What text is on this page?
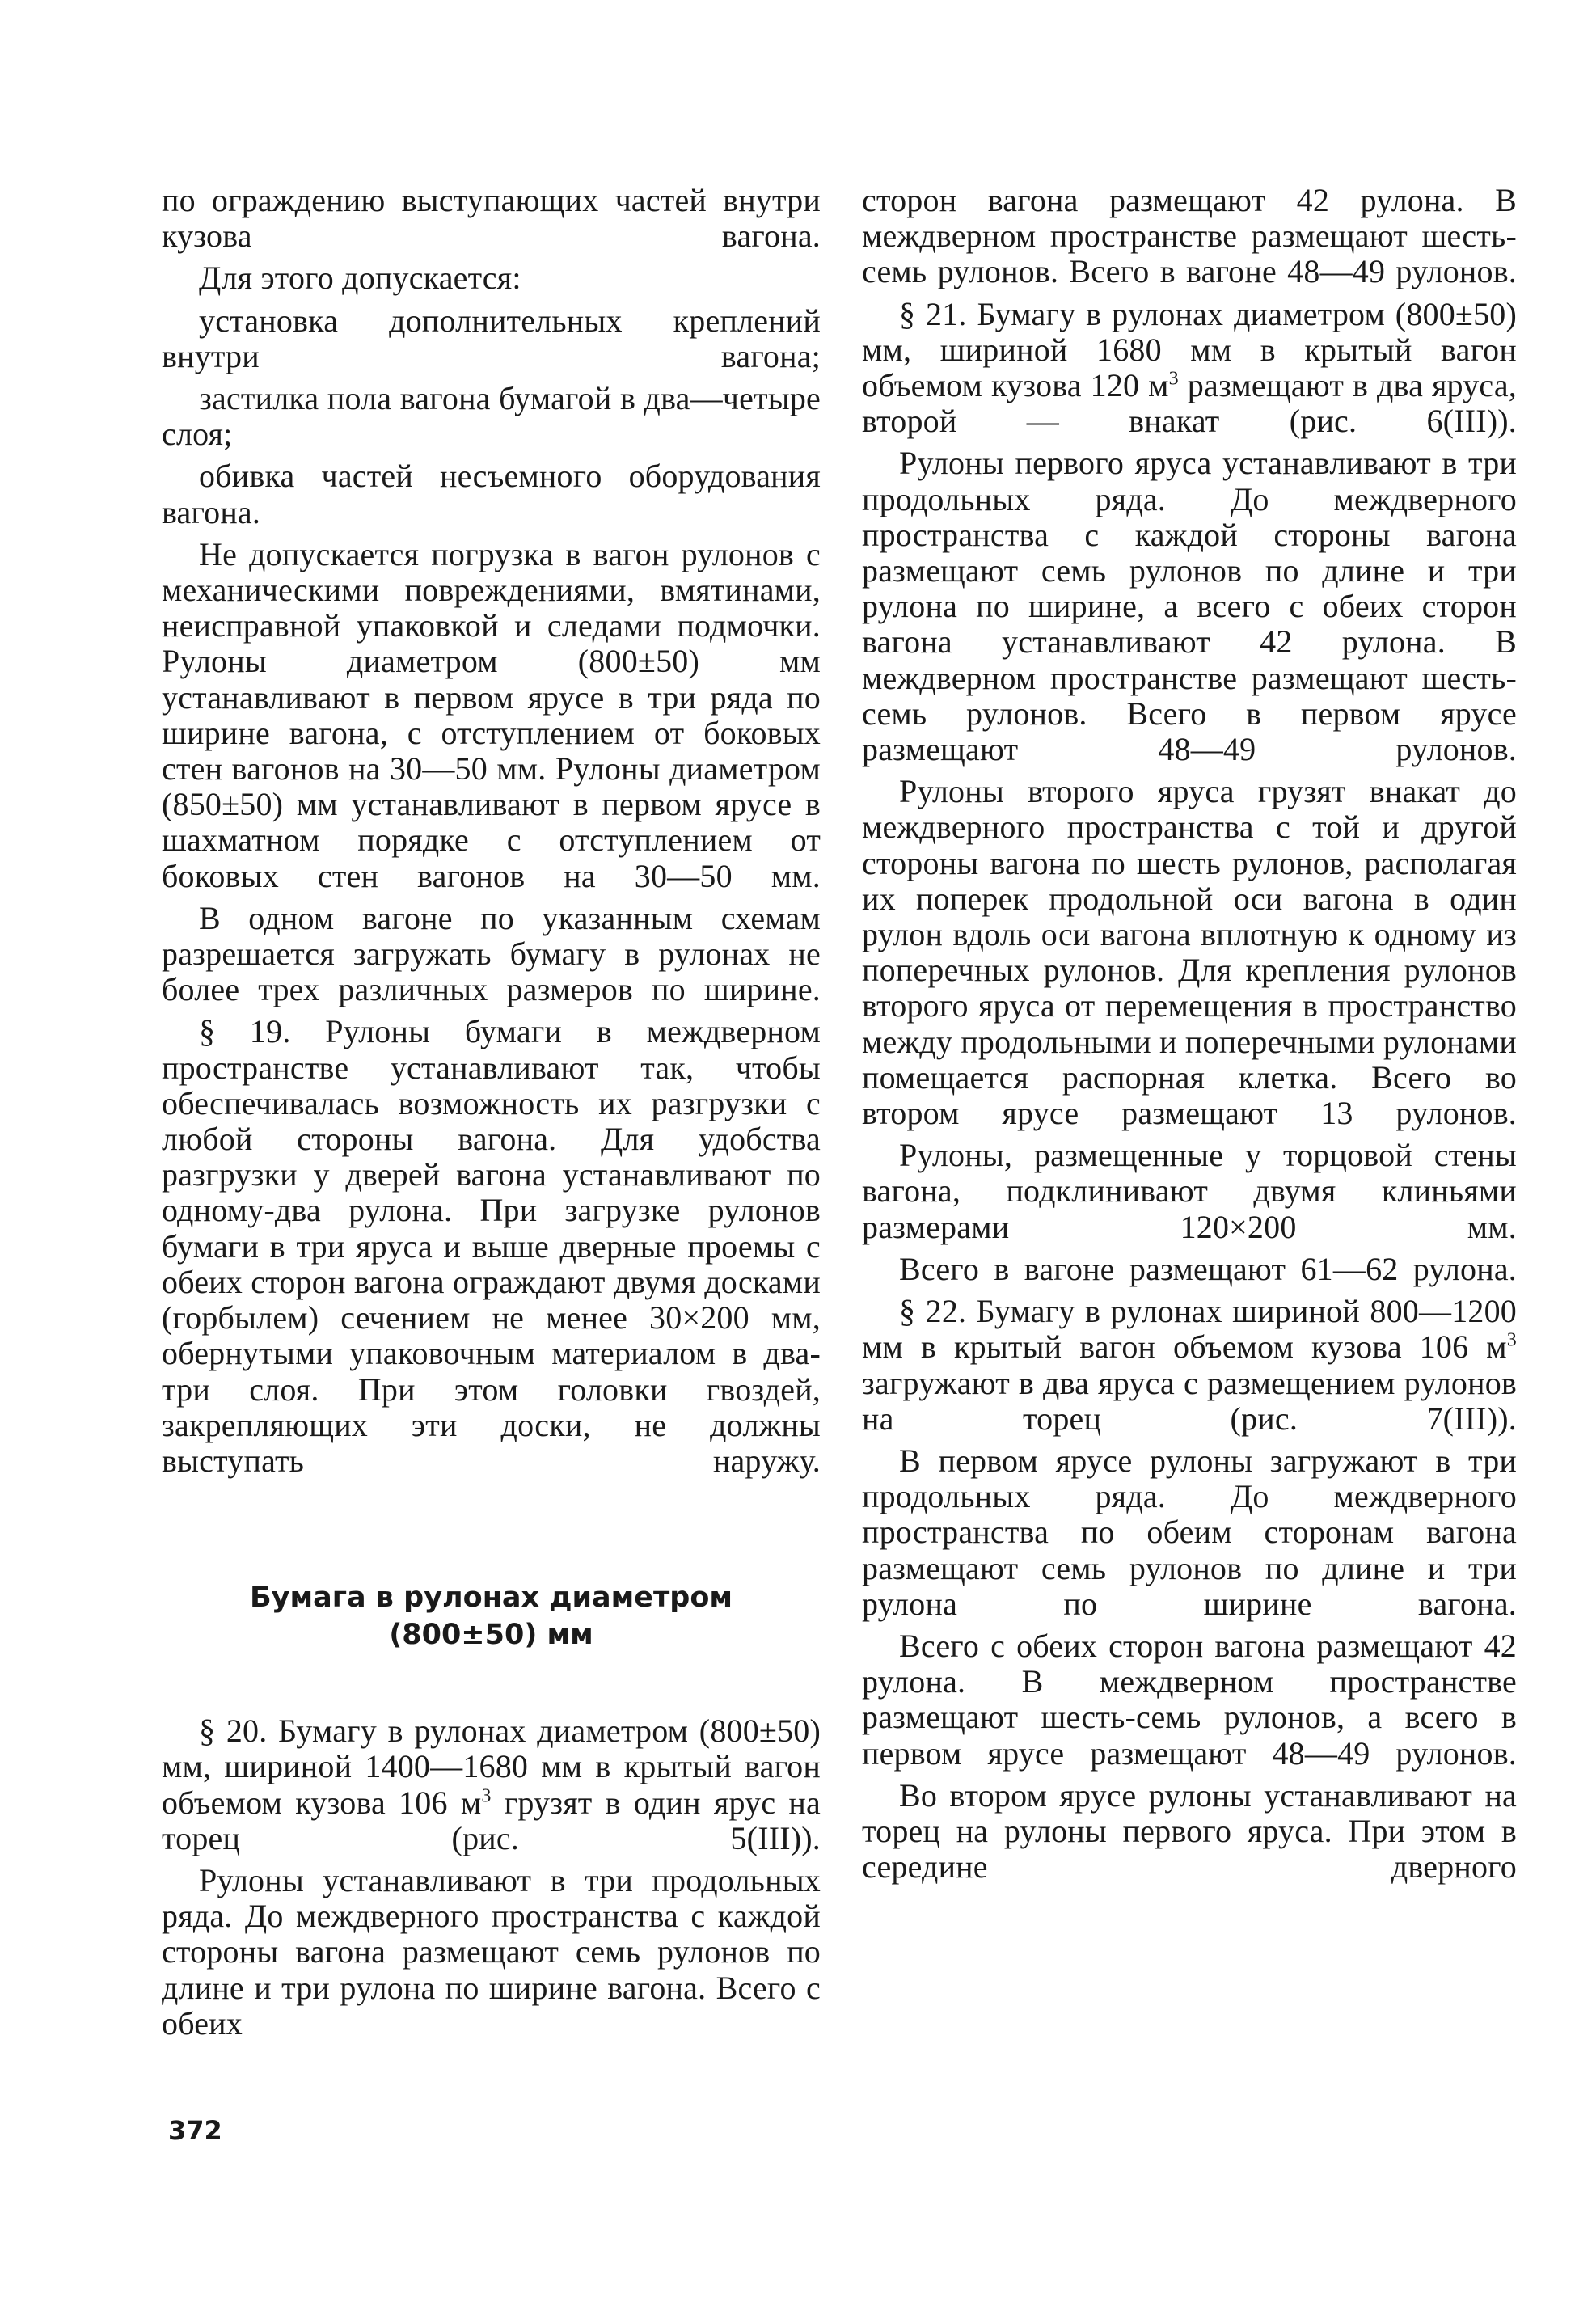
по ограждению выступающих частей внутри кузова вагона.

Для этого допускается:

установка дополнительных креплений внутри вагона;

застилка пола вагона бумагой в два—четыре слоя;

обивка частей несъемного оборудования вагона.

Не допускается погрузка в вагон рулонов с механическими повреждениями, вмятинами, неисправной упаковкой и следами подмочки. Рулоны диаметром (800±50) мм устанавливают в первом ярусе в три ряда по ширине вагона, с отступлением от боковых стен вагонов на 30—50 мм. Рулоны диаметром (850±50) мм устанавливают в первом ярусе в шахматном порядке с отступлением от боковых стен вагонов на 30—50 мм.

В одном вагоне по указанным схемам разрешается загружать бумагу в рулонах не более трех различных размеров по ширине.

§ 19. Рулоны бумаги в междверном пространстве устанавливают так, чтобы обеспечивалась возможность их разгрузки с любой стороны вагона. Для удобства разгрузки у дверей вагона устанавливают по одному-два рулона. При загрузке рулонов бумаги в три яруса и выше дверные проемы с обеих сторон вагона ограждают двумя досками (горбылем) сечением не менее 30×200 мм, обернутыми упаковочным материалом в два-три слоя. При этом головки гвоздей, закрепляющих эти доски, не должны выступать наружу.

Бумага в рулонах диаметром
(800±50) мм

§ 20. Бумагу в рулонах диаметром (800±50) мм, шириной 1400—1680 мм в крытый вагон объемом кузова 106 $м^3$ грузят в один ярус на торец (рис. 5(III)).

Рулоны устанавливают в три продольных ряда. До междверного пространства с каждой стороны вагона размещают семь рулонов по длине и три рулона по ширине вагона. Всего с обеих

сторон вагона размещают 42 рулона. В междверном пространстве размещают шесть-семь рулонов. Всего в вагоне 48—49 рулонов.

§ 21. Бумагу в рулонах диаметром (800±50) мм, шириной 1680 мм в крытый вагон объемом кузова 120 $м^3$ размещают в два яруса, второй — внакат (рис. 6(III)).

Рулоны первого яруса устанавливают в три продольных ряда. До междверного пространства с каждой стороны вагона размещают семь рулонов по длине и три рулона по ширине, а всего с обеих сторон вагона устанавливают 42 рулона. В междверном пространстве размещают шесть-семь рулонов. Всего в первом ярусе размещают 48—49 рулонов.

Рулоны второго яруса грузят внакат до междверного пространства с той и другой стороны вагона по шесть рулонов, располагая их поперек продольной оси вагона в один рулон вдоль оси вагона вплотную к одному из поперечных рулонов. Для крепления рулонов второго яруса от перемещения в пространство между продольными и поперечными рулонами помещается распорная клетка. Всего во втором ярусе размещают 13 рулонов.

Рулоны, размещенные у торцовой стены вагона, подклинивают двумя клиньями размерами 120×200 мм.

Всего в вагоне размещают 61—62 рулона.

§ 22. Бумагу в рулонах шириной 800—1200 мм в крытый вагон объемом кузова 106 $м^3$ загружают в два яруса с размещением рулонов на торец (рис. 7(III)).

В первом ярусе рулоны загружают в три продольных ряда. До междверного пространства по обеим сторонам вагона размещают семь рулонов по длине и три рулона по ширине вагона.

Всего с обеих сторон вагона размещают 42 рулона. В междверном пространстве размещают шесть-семь рулонов, а всего в первом ярусе размещают 48—49 рулонов.

Во втором ярусе рулоны устанавливают на торец на рулоны первого яруса. При этом в середине дверного

372
